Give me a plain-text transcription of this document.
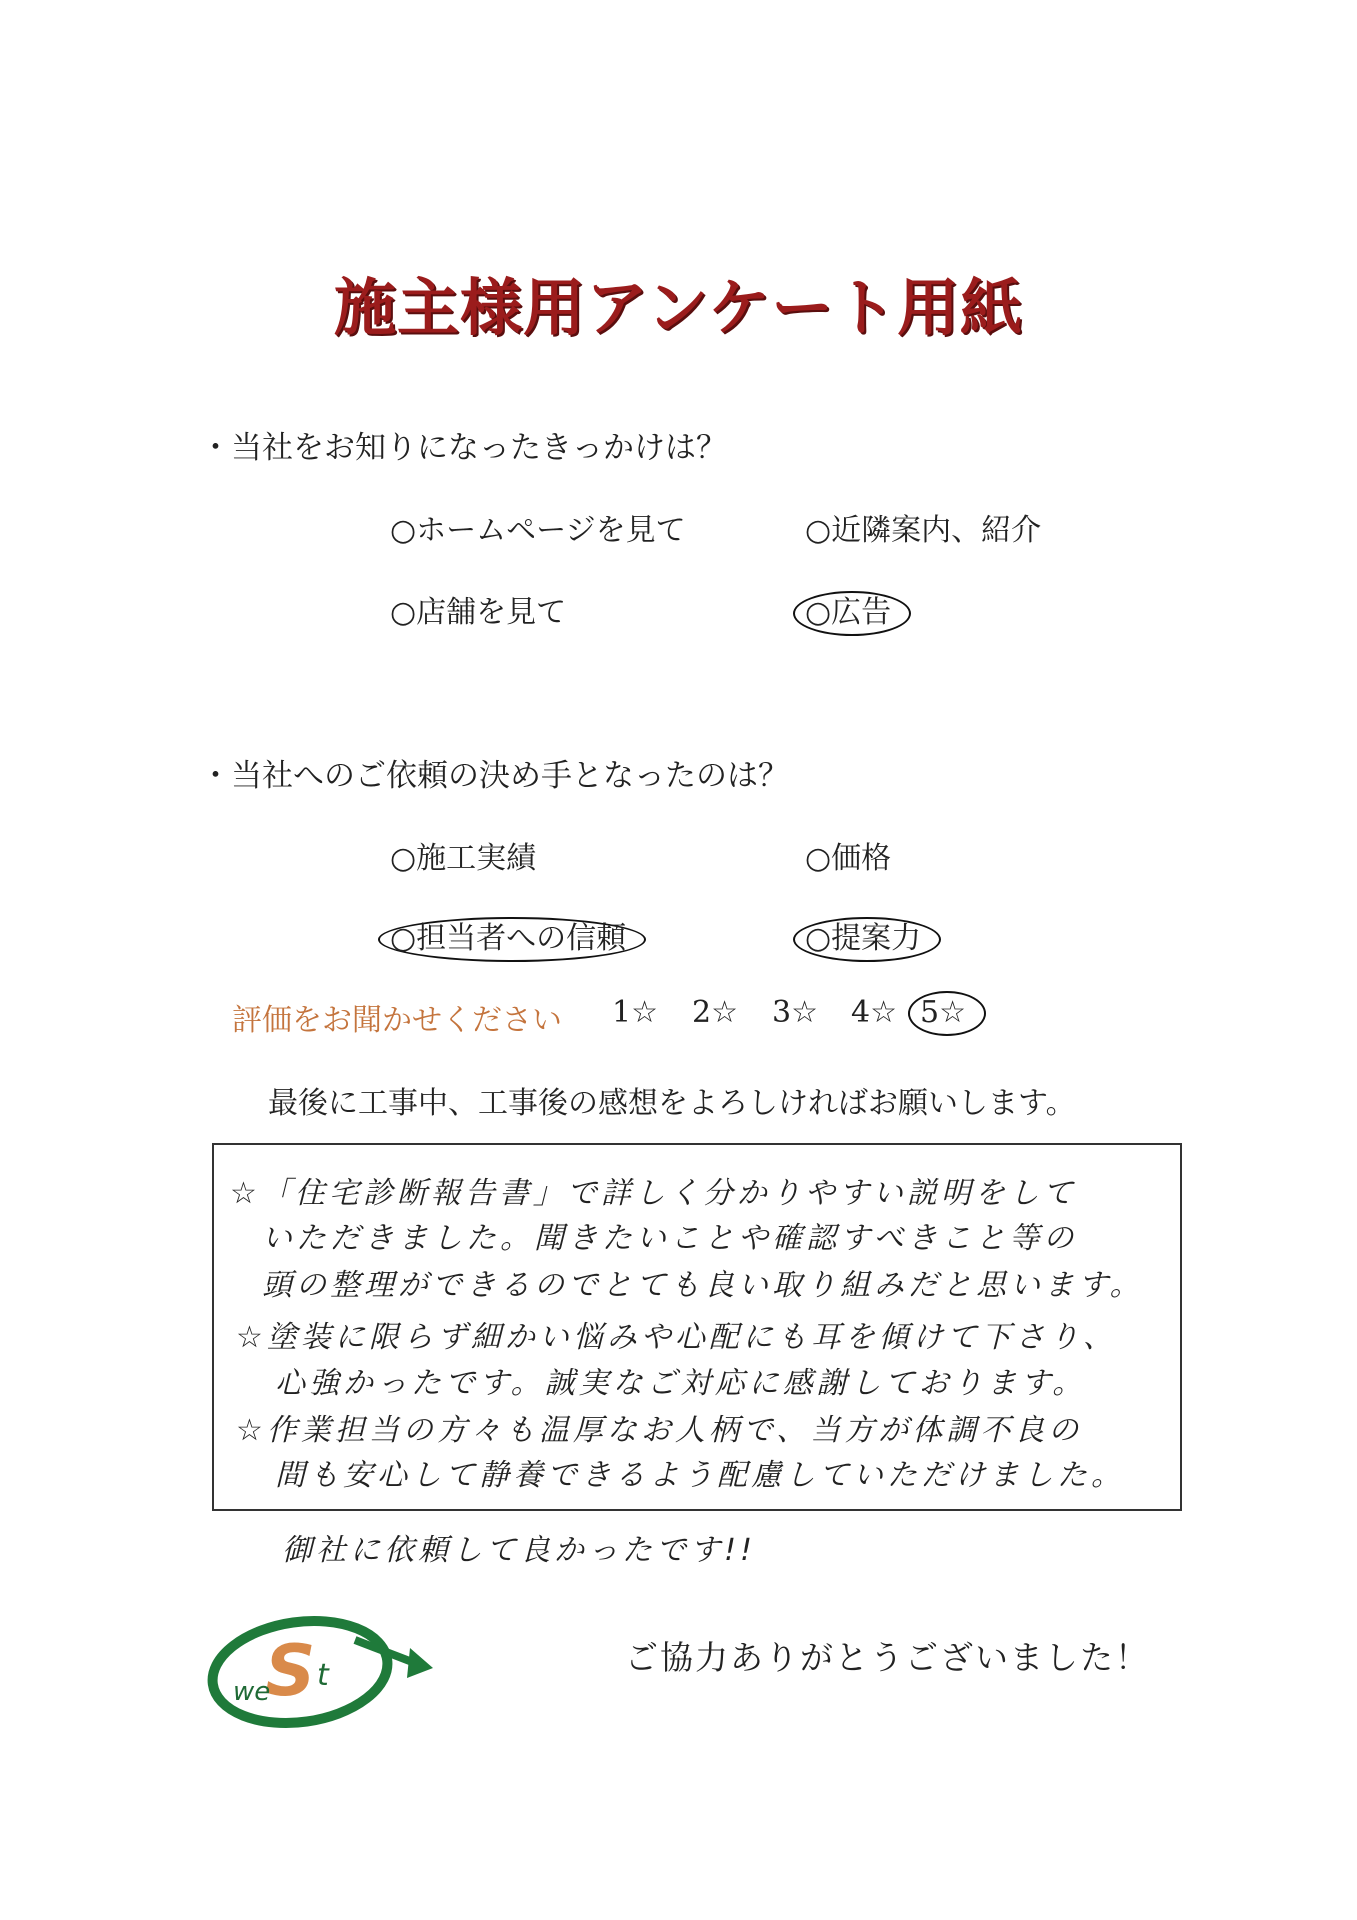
施主様用アンケート用紙
・当社をお知りになったきっかけは？
○ホームページを見て	○近隣案内、紹介
○店舗を見て	○広告
・当社へのご依頼の決め手となったのは？
○施工実績	○価格
○担当者への信頼	○提案力
評価をお聞かせください 1☆ 2☆ 3☆ 4☆ 5☆
最後に工事中、工事後の感想をよろしければお願いします。
☆「住宅診断報告書」で詳しく分かりやすい説明をして
いただきました。聞きたいことや確認すべきこと等の
頭の整理ができるのでとても良い取り組みだと思います。
☆塗装に限らず細かい悩みや心配にも耳を傾けて下さり、
心強かったです。誠実なご対応に感謝しております。
☆作業担当の方々も温厚なお人柄で、当方が体調不良の
間も安心して静養できるよう配慮していただけました。
御社に依頼して良かったです!!
S
we t	ご協力ありがとうございました！
